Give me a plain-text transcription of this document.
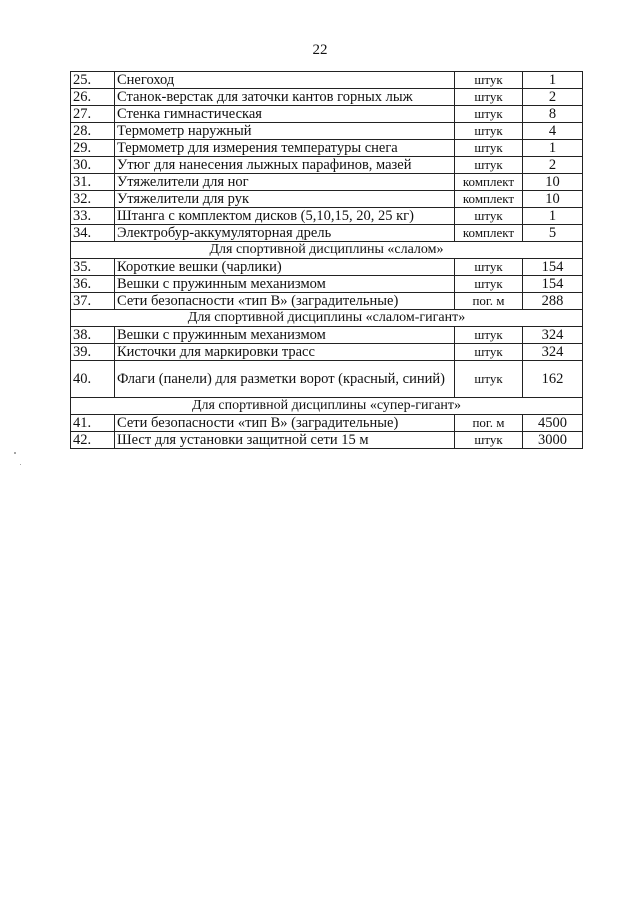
22
25.	Снегоход	штук	1
26.	Станок-верстак для заточки кантов горных лыж	штук	2
27.	Стенка гимнастическая	штук	8
28.	Термометр наружный	штук	4
29.	Термометр для измерения температуры снега	штук	1
30.	Утюг для нанесения лыжных парафинов, мазей	штук	2
31.	Утяжелители для ног	комплект	10
32.	Утяжелители для рук	комплект	10
33.	Штанга с комплектом дисков (5,10,15, 20, 25 кг)	штук	1
34.	Электробур-аккумуляторная дрель	комплект	5
Для спортивной дисциплины «слалом»			
35.	Короткие вешки (чарлики)	штук	154
36.	Вешки с пружинным механизмом	штук	154
37.	Сети безопасности «тип В» (заградительные)	пог. м	288
Для спортивной дисциплины «слалом-гигант»			
38.	Вешки с пружинным механизмом	штук	324
39.	Кисточки для маркировки трасс	штук	324
40.	Флаги (панели) для разметки ворот (красный, синий)	штук	162
Для спортивной дисциплины «супер-гигант»			
41.	Сети безопасности «тип В» (заградительные)	пог. м	4500
42.	Шест для установки защитной сети 15 м	штук	3000
